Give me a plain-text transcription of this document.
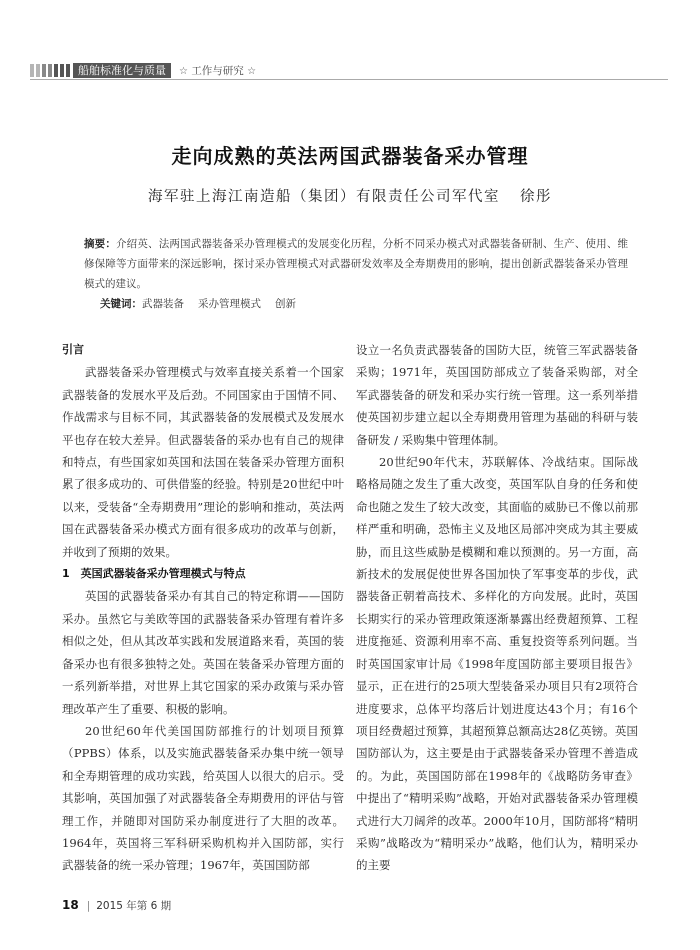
船舶标准化与质量	☆ 工作与研究 ☆
走向成熟的英法两国武器装备采办管理
海军驻上海江南造船（集团）有限责任公司军代室 徐彤
摘要：介绍英、法两国武器装备采办管理模式的发展变化历程，分析不同采办模式对武器装备研制、生产、使用、维修保障等方面带来的深远影响，探讨采办管理模式对武器研发效率及全寿期费用的影响，提出创新武器装备采办管理模式的建议。
关键词：武器装备 采办管理模式 创新
引言

武器装备采办管理模式与效率直接关系着一个国家武器装备的发展水平及后劲。不同国家由于国情不同、作战需求与目标不同，其武器装备的发展模式及发展水平也存在较大差异。但武器装备的采办也有自己的规律和特点，有些国家如英国和法国在装备采办管理方面积累了很多成功的、可供借鉴的经验。特别是20世纪中叶以来，受装备“全寿期费用”理论的影响和推动，英法两国在武器装备采办模式方面有很多成功的改革与创新，并收到了预期的效果。

1　英国武器装备采办管理模式与特点

英国的武器装备采办有其自己的特定称谓——国防采办。虽然它与美欧等国的武器装备采办管理有着许多相似之处，但从其改革实践和发展道路来看，英国的装备采办也有很多独特之处。英国在装备采办管理方面的一系列新举措，对世界上其它国家的采办政策与采办管理改革产生了重要、积极的影响。

20世纪60年代美国国防部推行的计划项目预算（PPBS）体系，以及实施武器装备采办集中统一领导和全寿期管理的成功实践，给英国人以很大的启示。受其影响，英国加强了对武器装备全寿期费用的评估与管理工作，并随即对国防采办制度进行了大胆的改革。1964年，英国将三军科研采购机构并入国防部，实行武器装备的统一采办管理；1967年，英国国防部

设立一名负责武器装备的国防大臣，统管三军武器装备采购；1971年，英国国防部成立了装备采购部，对全军武器装备的研发和采办实行统一管理。这一系列举措使英国初步建立起以全寿期费用管理为基础的科研与装备研发 / 采购集中管理体制。

20世纪90年代末，苏联解体、冷战结束。国际战略格局随之发生了重大改变，英国军队自身的任务和使命也随之发生了较大改变，其面临的威胁已不像以前那样严重和明确，恐怖主义及地区局部冲突成为其主要威胁，而且这些威胁是模糊和难以预测的。另一方面，高新技术的发展促使世界各国加快了军事变革的步伐，武器装备正朝着高技术、多样化的方向发展。此时，英国长期实行的采办管理政策逐渐暴露出经费超预算、工程进度拖延、资源利用率不高、重复投资等系列问题。当时英国国家审计局《1998年度国防部主要项目报告》显示，正在进行的25项大型装备采办项目只有2项符合进度要求，总体平均落后计划进度达43个月；有16个项目经费超过预算，其超预算总额高达28亿英镑。英国国防部认为，这主要是由于武器装备采办管理不善造成的。为此，英国国防部在1998年的《战略防务审查》中提出了“精明采购”战略，开始对武器装备采办管理模式进行大刀阔斧的改革。2000年10月，国防部将“精明采购”战略改为“精明采办”战略，他们认为，精明采办的主要

18 | 2015 年第 6 期
